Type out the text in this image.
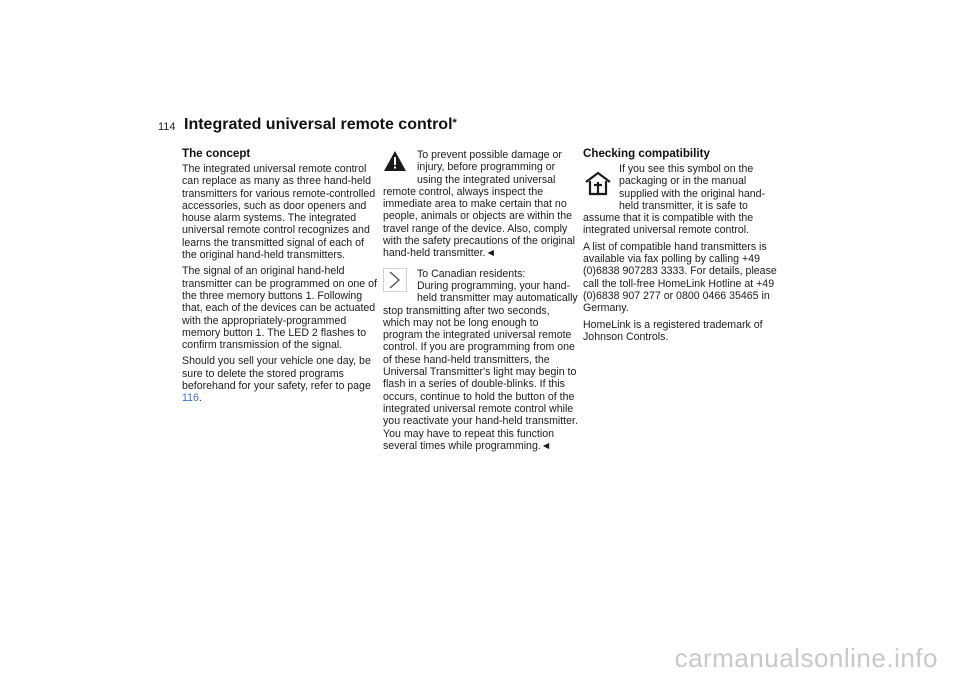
114 Integrated universal remote control*
The concept

The integrated universal remote control can replace as many as three hand-held transmitters for various remote-controlled accessories, such as door openers and house alarm systems. The integrated universal remote control recognizes and learns the transmitted signal of each of the original hand-held transmitters.

The signal of an original hand-held transmitter can be programmed on one of the three memory buttons 1. Following that, each of the devices can be actuated with the appropriately-programmed memory button 1. The LED 2 flashes to confirm transmission of the signal.

Should you sell your vehicle one day, be sure to delete the stored programs beforehand for your safety, refer to page 116.

To prevent possible damage or injury, before programming or using the integrated universal remote control, always inspect the immediate area to make certain that no people, animals or objects are within the travel range of the device. Also, comply with the safety precautions of the original hand-held transmitter.◄
To Canadian residents:
During programming, your hand-held transmitter may automatically stop transmitting after two seconds, which may not be long enough to program the integrated universal remote control. If you are programming from one of these hand-held transmitters, the Universal Transmitter's light may begin to flash in a series of double-blinks. If this occurs, continue to hold the button of the integrated universal remote control while you reactivate your hand-held transmitter. You may have to repeat this function several times while programming.◄
Checking compatibility

If you see this symbol on the packaging or in the manual supplied with the original hand-held transmitter, it is safe to assume that it is compatible with the integrated universal remote control.

A list of compatible hand transmitters is available via fax polling by calling +49 (0)6838 907283 3333. For details, please call the toll-free HomeLink Hotline at +49 (0)6838 907 277 or 0800 0466 35465 in Germany.

HomeLink is a registered trademark of Johnson Controls.

carmanualsonline.info
